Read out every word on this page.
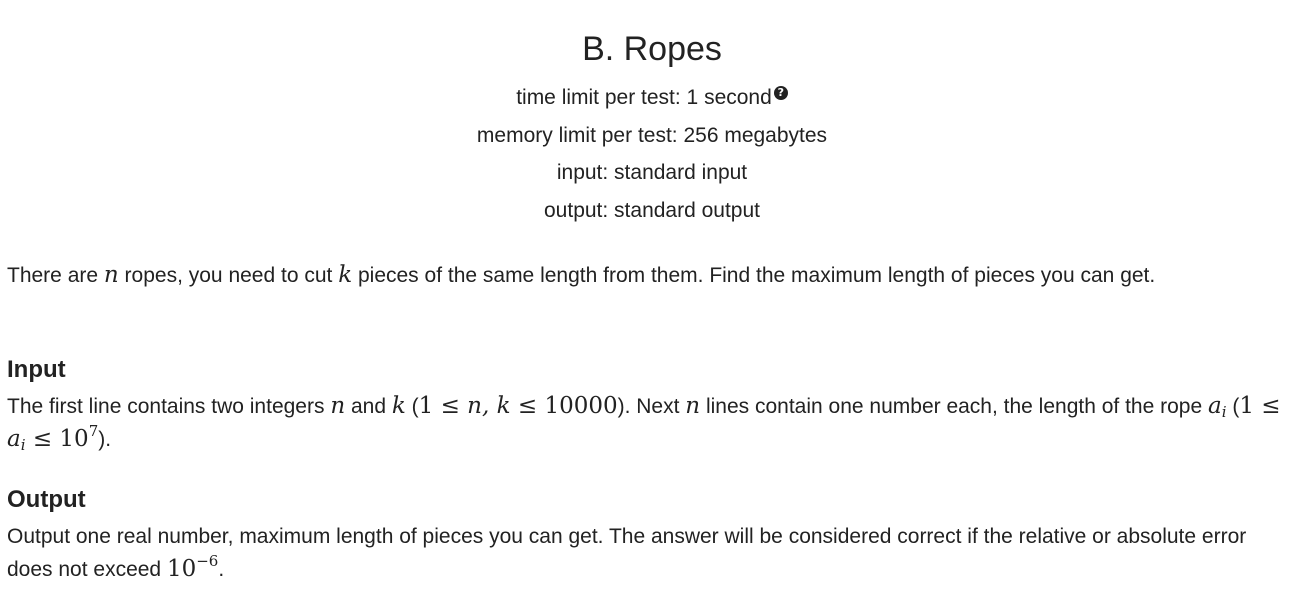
B. Ropes
time limit per test: 1 second ?
memory limit per test: 256 megabytes
input: standard input
output: standard output
There are n ropes, you need to cut k pieces of the same length from them. Find the maximum length of pieces you can get.
Input
The first line contains two integers n and k (1 ≤ n, k ≤ 10000). Next n lines contain one number each, the length of the rope $a_i$ $(1 \le a_i \le 10^7)$.
Output
Output one real number, maximum length of pieces you can get. The answer will be considered correct if the relative or absolute error does not exceed $10^{-6}$.
